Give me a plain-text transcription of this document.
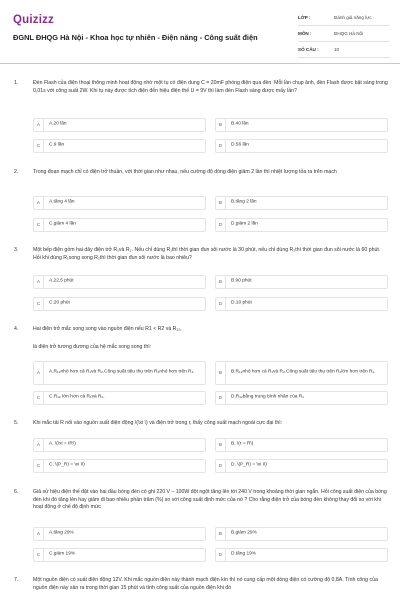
Quizizz
ĐGNL ĐHQG Hà Nội - Khoa học tự nhiên - Điện năng - Công suất điện
LỚP :	Đánh giá năng lực
MÔN :	ĐHQG Hà Nội
SỐ CÂU :	10
1.	Đèn Flash của điện thoại thông minh hoạt động nhờ một tụ có điện dung C = 20mF phóng điện qua đèn. Mỗi lần chụp ảnh, đèn Flash được bật sáng trong 0,01s với công suất 2W. Khi tụ này được tích điện đến hiệu điện thế U = 9V thì làm đèn Flash sáng được mấy lần?
A	A.20 lần	B	B.40 lần
C	C.9 lần	D	D.56 lần
2.	Trong đoạn mạch chỉ có điện trở thuần, với thời gian như nhau, nếu cường độ dòng điện giảm 2 lần thì nhiệt lượng tỏa ra trên mạch
A	A.tăng 4 lần	B	B.tăng 2 lần
C	C.giảm 4 lần	D	D.giảm 2 lần
3.	Một bếp điện gồm hai dây điện trở R₁và R₂. Nếu chỉ dùng R₁thì thời gian đun sôi nước là 30 phút, nếu chỉ dùng R₂thì thời gian đun sôi nước là 60 phút. Hỏi khi dùng R₁song song R₂thì thời gian đun sôi nước là bao nhiêu?
A	A.22,5 phút	B	B.90 phút
C	C.20 phút	D	D.10 phút
4.	Hai điện trở mắc song song vào nguồn điện nếu R1 < R2 và R₁₂,
là điện trở tương đương của hệ mắc song song thì:
A	A.R₁₂nhỏ hơn cả R₁và R₂.Công suất tiêu thụ trên R₂nhỏ hơn trên R₁.	B	B.R₁₂nhỏ hơn cả R₁và R₂.Công suất tiêu thụ trên R₂lớn hơn trên R₁.
C	C.R₁₂ lớn hơn cả R₁và R₂.	D	D.R₁₂bằng trung bình nhân của R₁
5.	Khi mắc tải R nối vào nguồn suất điện động \(\xi \) và điện trở trong r, thấy công suất mạch ngoài cực đại thì:
A	A. \(\xi = IR\)	B	B. \(r = R\)
C	C. \(P_R) = \xi I\)	D	D. \(P_R) = \xi I\)
6.	Giả sử hiệu điện thế đặt vào hai đầu bóng đèn có ghi 220 V – 100W đột ngột tăng lên tới 240 V trong khoảng thời gian ngắn. Hỏi công suất điện của bóng đèn khi đó tăng lên hay giảm đi bao nhiêu phần trăm (%) so với công suất định mức của nó ? Cho rằng điện trở của bóng đèn không thay đổi so với khi hoạt động ở chế độ định mức
A	A.tăng 29%	B	B.giảm 29%
C	C.giảm 19%	D	D.tăng 19%
7.	Một nguồn điện có suất điện động 12V. Khi mắc nguồn điện này thành mạch điện kín thì nó cung cấp một dòng điện có cường độ 0,8A. Tính công của nguồn điện này sản ra trong thời gian 15 phút và tính công suất của nguồn điện khi đó
